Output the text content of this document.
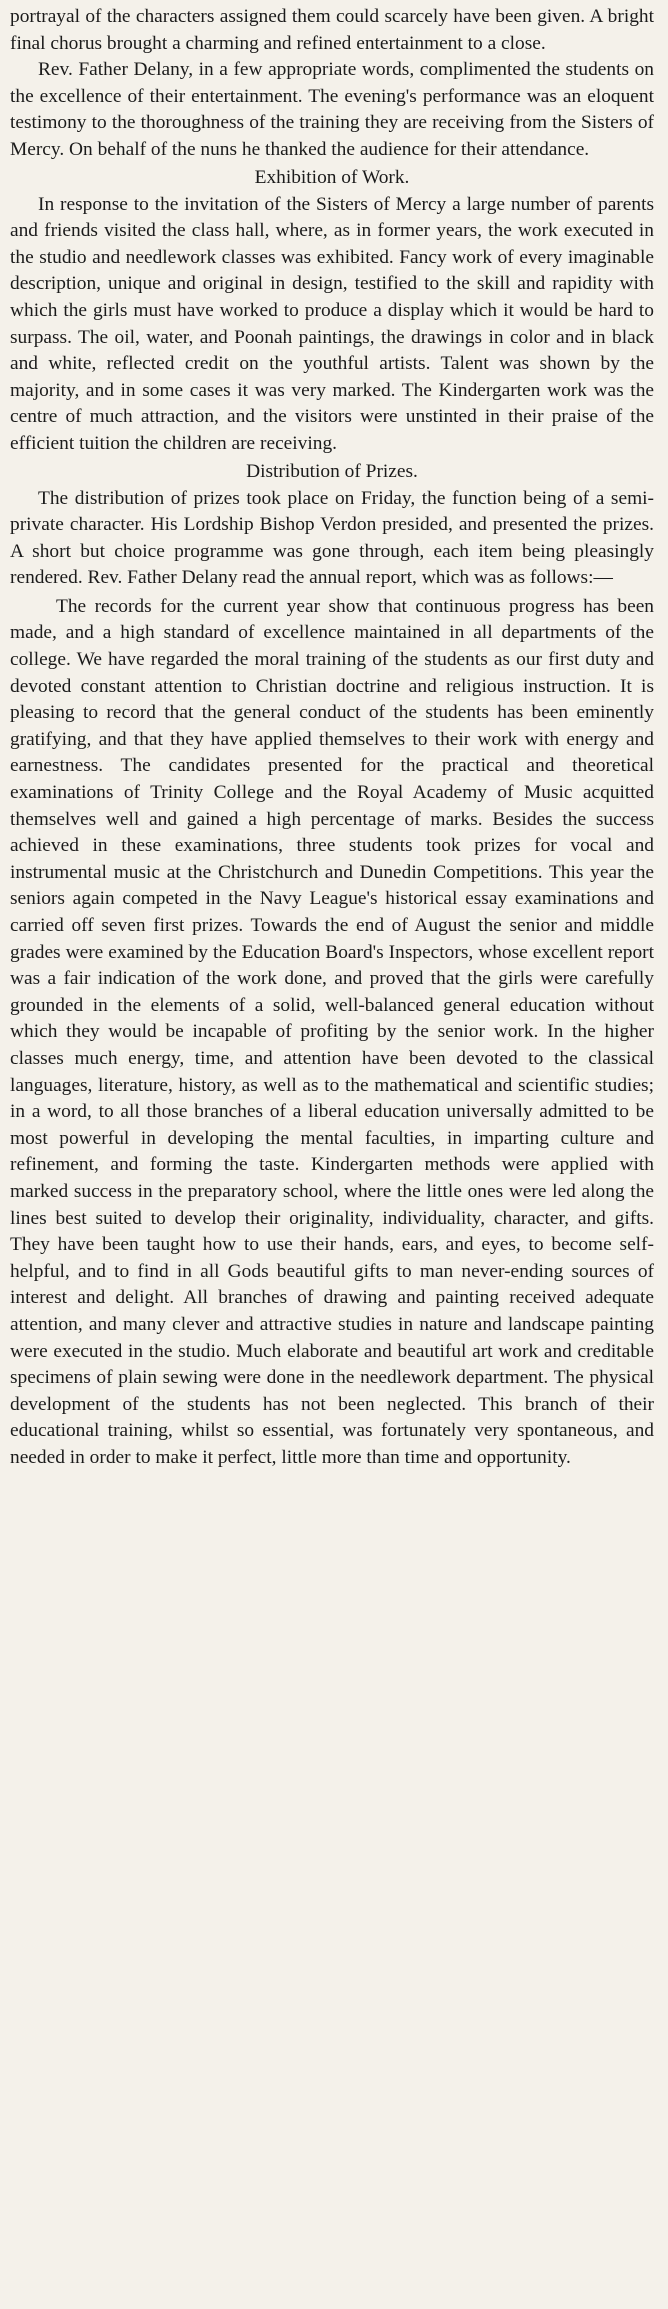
portrayal of the characters assigned them could scarcely have been given. A bright final chorus brought a charming and refined entertainment to a close.

Rev. Father Delany, in a few appropriate words, complimented the students on the excellence of their entertainment. The evening's performance was an eloquent testimony to the thoroughness of the training they are receiving from the Sisters of Mercy. On behalf of the nuns he thanked the audience for their attendance.

Exhibition of Work.

In response to the invitation of the Sisters of Mercy a large number of parents and friends visited the class hall, where, as in former years, the work executed in the studio and needlework classes was exhibited. Fancy work of every imaginable description, unique and original in design, testified to the skill and rapidity with which the girls must have worked to produce a display which it would be hard to surpass. The oil, water, and Poonah paintings, the drawings in color and in black and white, reflected credit on the youthful artists. Talent was shown by the majority, and in some cases it was very marked. The Kindergarten work was the centre of much attraction, and the visitors were unstinted in their praise of the efficient tuition the children are receiving.

Distribution of Prizes.

The distribution of prizes took place on Friday, the function being of a semi-private character. His Lordship Bishop Verdon presided, and presented the prizes. A short but choice programme was gone through, each item being pleasingly rendered. Rev. Father Delany read the annual report, which was as follows:—

The records for the current year show that continuous progress has been made, and a high standard of excellence maintained in all departments of the college. We have regarded the moral training of the students as our first duty and devoted constant attention to Christian doctrine and religious instruction. It is pleasing to record that the general conduct of the students has been eminently gratifying, and that they have applied themselves to their work with energy and earnestness. The candidates presented for the practical and theoretical examinations of Trinity College and the Royal Academy of Music acquitted themselves well and gained a high percentage of marks. Besides the success achieved in these examinations, three students took prizes for vocal and instrumental music at the Christchurch and Dunedin Competitions. This year the seniors again competed in the Navy League's historical essay examinations and carried off seven first prizes. Towards the end of August the senior and middle grades were examined by the Education Board's Inspectors, whose excellent report was a fair indication of the work done, and proved that the girls were carefully grounded in the elements of a solid, well-balanced general education without which they would be incapable of profiting by the senior work. In the higher classes much energy, time, and attention have been devoted to the classical languages, literature, history, as well as to the mathematical and scientific studies; in a word, to all those branches of a liberal education universally admitted to be most powerful in developing the mental faculties, in imparting culture and refinement, and forming the taste. Kindergarten methods were applied with marked success in the preparatory school, where the little ones were led along the lines best suited to develop their originality, individuality, character, and gifts. They have been taught how to use their hands, ears, and eyes, to become self-helpful, and to find in all Gods beautiful gifts to man never-ending sources of interest and delight. All branches of drawing and painting received adequate attention, and many clever and attractive studies in nature and landscape painting were executed in the studio. Much elaborate and beautiful art work and creditable specimens of plain sewing were done in the needlework department. The physical development of the students has not been neglected. This branch of their educational training, whilst so essential, was fortunately very spontaneous, and needed in order to make it perfect, little more than time and opportunity.
